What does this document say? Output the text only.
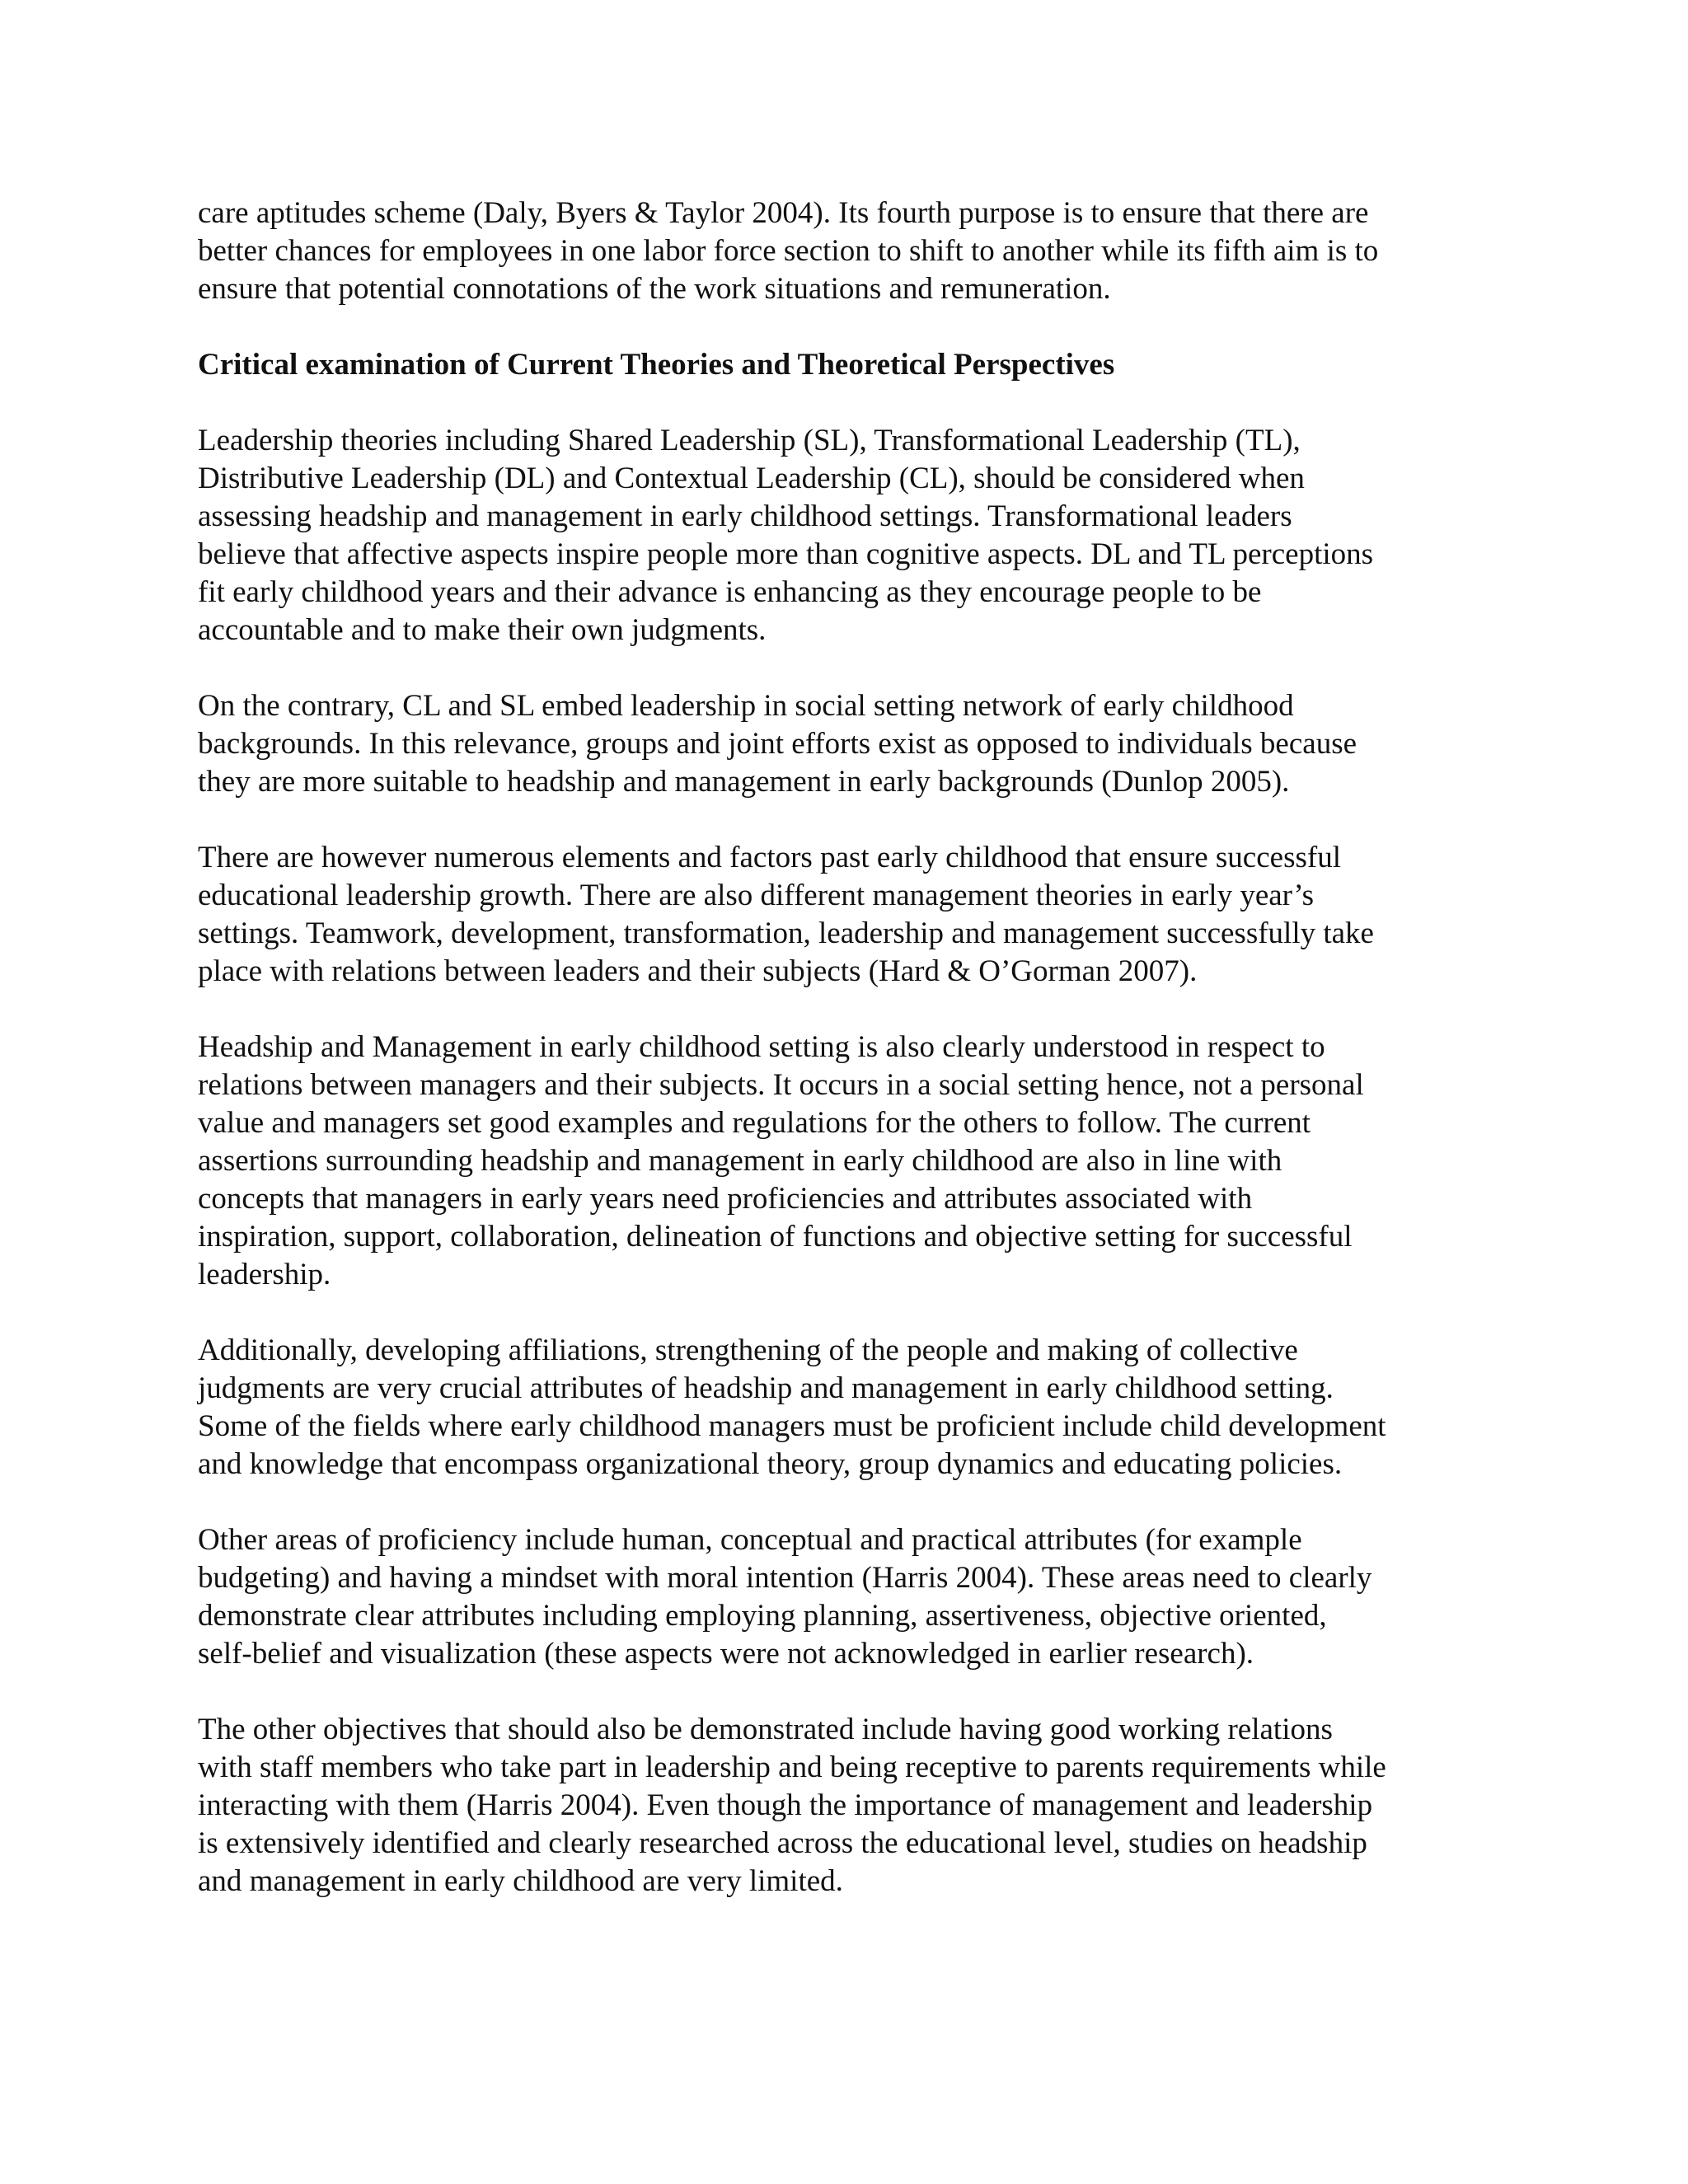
care aptitudes scheme (Daly, Byers & Taylor 2004). Its fourth purpose is to ensure that there are
better chances for employees in one labor force section to shift to another while its fifth aim is to
ensure that potential connotations of the work situations and remuneration.
Critical examination of Current Theories and Theoretical Perspectives
Leadership theories including Shared Leadership (SL), Transformational Leadership (TL),
Distributive Leadership (DL) and Contextual Leadership (CL), should be considered when
assessing headship and management in early childhood settings. Transformational leaders
believe that affective aspects inspire people more than cognitive aspects. DL and TL perceptions
fit early childhood years and their advance is enhancing as they encourage people to be
accountable and to make their own judgments.
On the contrary, CL and SL embed leadership in social setting network of early childhood
backgrounds. In this relevance, groups and joint efforts exist as opposed to individuals because
they are more suitable to headship and management in early backgrounds (Dunlop 2005).
There are however numerous elements and factors past early childhood that ensure successful
educational leadership growth. There are also different management theories in early year’s
settings. Teamwork, development, transformation, leadership and management successfully take
place with relations between leaders and their subjects (Hard & O’Gorman 2007).
Headship and Management in early childhood setting is also clearly understood in respect to
relations between managers and their subjects. It occurs in a social setting hence, not a personal
value and managers set good examples and regulations for the others to follow. The current
assertions surrounding headship and management in early childhood are also in line with
concepts that managers in early years need proficiencies and attributes associated with
inspiration, support, collaboration, delineation of functions and objective setting for successful
leadership.
Additionally, developing affiliations, strengthening of the people and making of collective
judgments are very crucial attributes of headship and management in early childhood setting.
Some of the fields where early childhood managers must be proficient include child development
and knowledge that encompass organizational theory, group dynamics and educating policies.
Other areas of proficiency include human, conceptual and practical attributes (for example
budgeting) and having a mindset with moral intention (Harris 2004). These areas need to clearly
demonstrate clear attributes including employing planning, assertiveness, objective oriented,
self-belief and visualization (these aspects were not acknowledged in earlier research).
The other objectives that should also be demonstrated include having good working relations
with staff members who take part in leadership and being receptive to parents requirements while
interacting with them (Harris 2004). Even though the importance of management and leadership
is extensively identified and clearly researched across the educational level, studies on headship
and management in early childhood are very limited.
